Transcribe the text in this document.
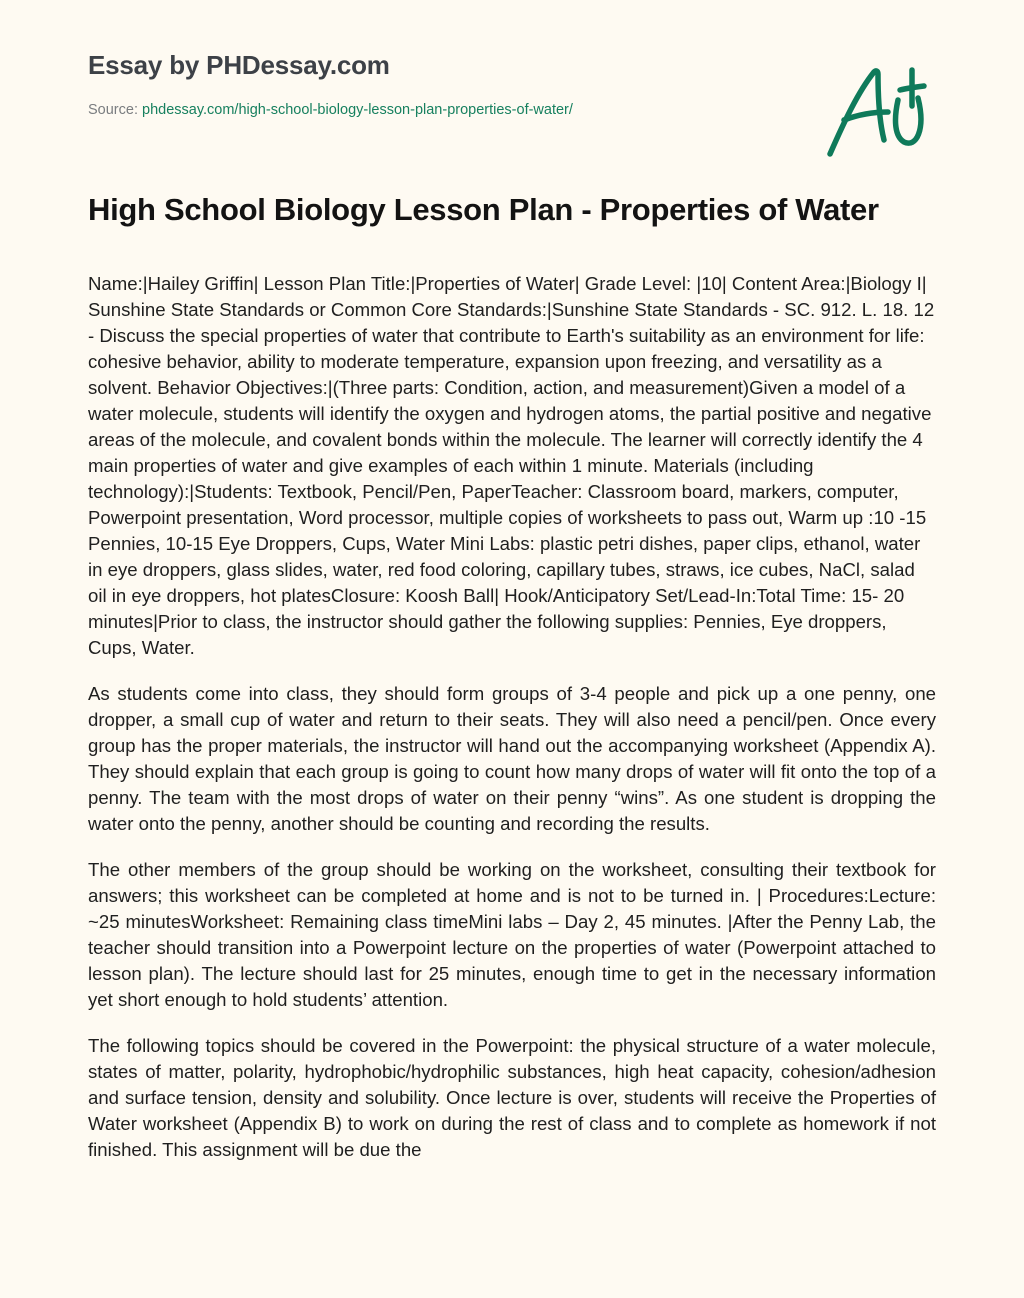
Essay by PHDessay.com
Source: phdessay.com/high-school-biology-lesson-plan-properties-of-water/
High School Biology Lesson Plan - Properties of Water

Name:|Hailey Griffin| Lesson Plan Title:|Properties of Water| Grade Level: |10| Content Area:|Biology I| Sunshine State Standards or Common Core Standards:|Sunshine State Standards - SC. 912. L. 18. 12 - Discuss the special properties of water that contribute to Earth's suitability as an environment for life: cohesive behavior, ability to moderate temperature, expansion upon freezing, and versatility as a solvent. Behavior Objectives:|(Three parts: Condition, action, and measurement)Given a model of a water molecule, students will identify the oxygen and hydrogen atoms, the partial positive and negative areas of the molecule, and covalent bonds within the molecule. The learner will correctly identify the 4 main properties of water and give examples of each within 1 minute. Materials (including technology):|Students: Textbook, Pencil/Pen, PaperTeacher: Classroom board, markers, computer, Powerpoint presentation, Word processor, multiple copies of worksheets to pass out, Warm up :10 -15 Pennies, 10-15 Eye Droppers, Cups, Water Mini Labs: plastic petri dishes, paper clips, ethanol, water in eye droppers, glass slides, water, red food coloring, capillary tubes, straws, ice cubes, NaCl, salad oil in eye droppers, hot platesClosure: Koosh Ball| Hook/Anticipatory Set/Lead-In:Total Time: 15- 20 minutes|Prior to class, the instructor should gather the following supplies: Pennies, Eye droppers, Cups, Water.

As students come into class, they should form groups of 3-4 people and pick up a one penny, one dropper, a small cup of water and return to their seats. They will also need a pencil/pen. Once every group has the proper materials, the instructor will hand out the accompanying worksheet (Appendix A). They should explain that each group is going to count how many drops of water will fit onto the top of a penny. The team with the most drops of water on their penny “wins”. As one student is dropping the water onto the penny, another should be counting and recording the results.

The other members of the group should be working on the worksheet, consulting their textbook for answers; this worksheet can be completed at home and is not to be turned in. | Procedures:Lecture: ~25 minutesWorksheet: Remaining class timeMini labs – Day 2, 45 minutes. |After the Penny Lab, the teacher should transition into a Powerpoint lecture on the properties of water (Powerpoint attached to lesson plan). The lecture should last for 25 minutes, enough time to get in the necessary information yet short enough to hold students’ attention.

The following topics should be covered in the Powerpoint: the physical structure of a water molecule, states of matter, polarity, hydrophobic/hydrophilic substances, high heat capacity, cohesion/adhesion and surface tension, density and solubility. Once lecture is over, students will receive the Properties of Water worksheet (Appendix B) to work on during the rest of class and to complete as homework if not finished. This assignment will be due the
